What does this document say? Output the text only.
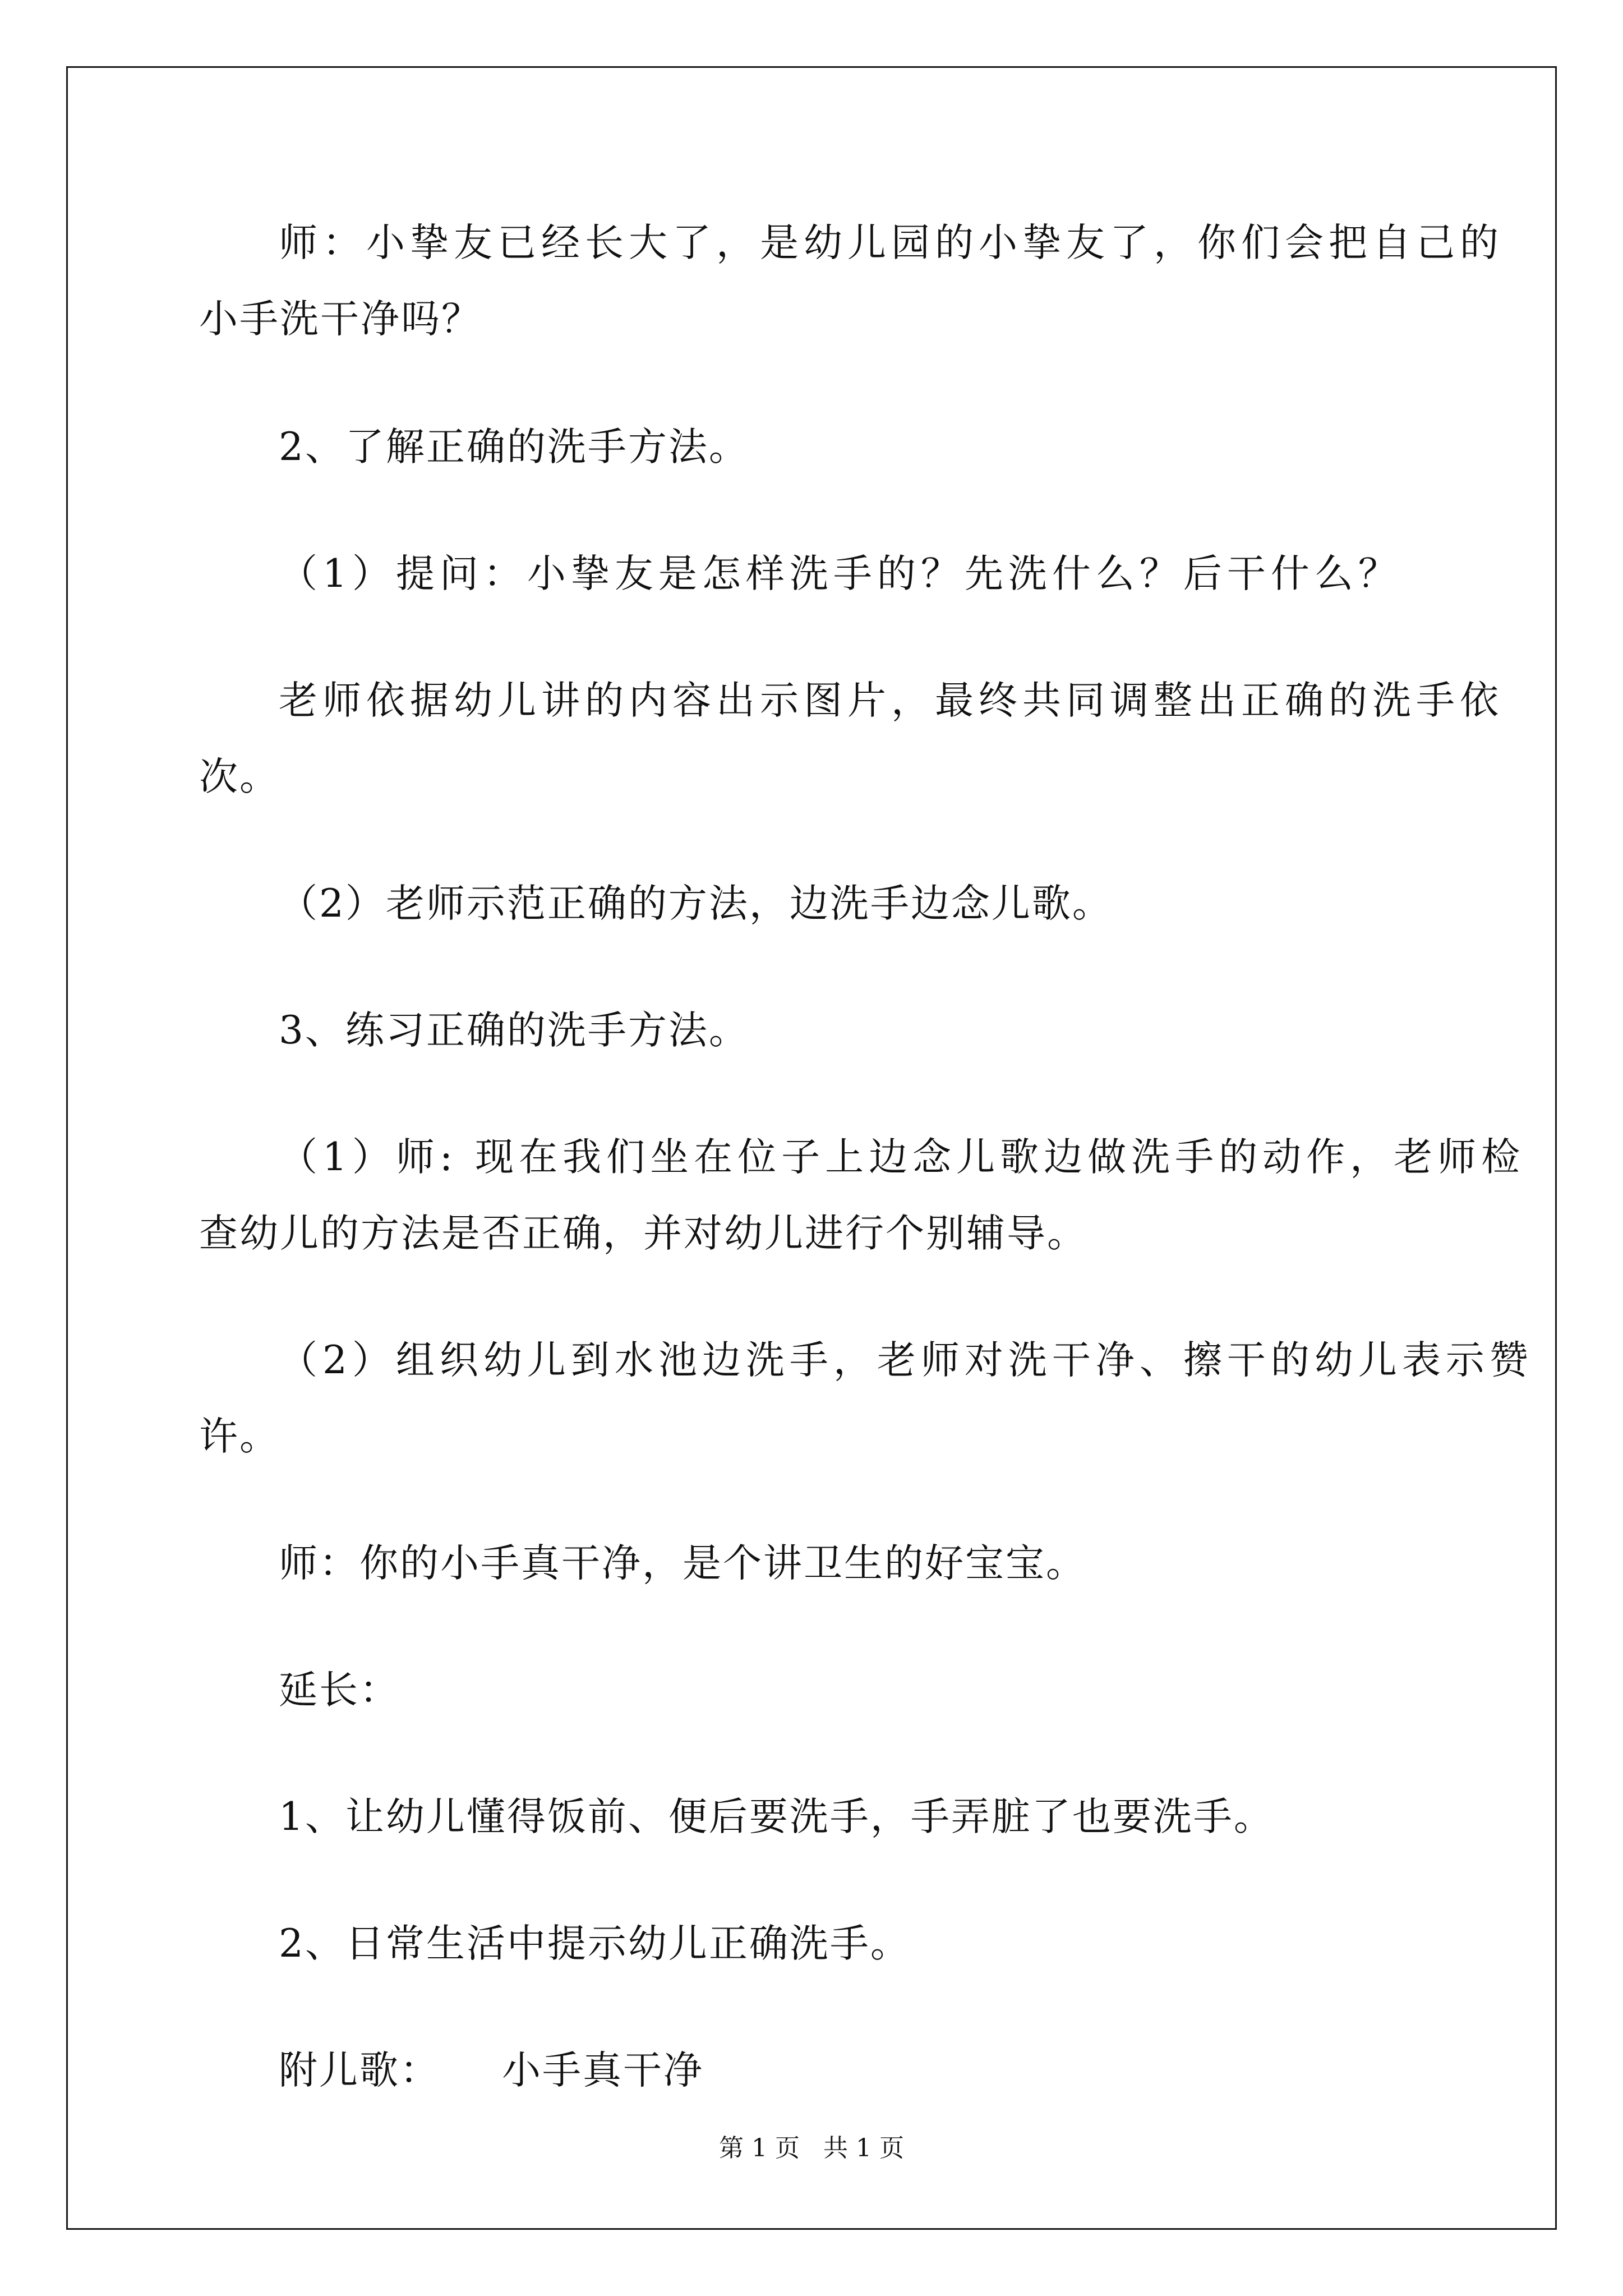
师：小挚友已经长大了，是幼儿园的小挚友了，你们会把自己的
小手洗干净吗？
2、了解正确的洗手方法。
（1）提问：小挚友是怎样洗手的？先洗什么？后干什么？
老师依据幼儿讲的内容出示图片，最终共同调整出正确的洗手依
次。
（2）老师示范正确的方法，边洗手边念儿歌。
3、练习正确的洗手方法。
（1）师: 现在我们坐在位子上边念儿歌边做洗手的动作，老师检
查幼儿的方法是否正确，并对幼儿进行个别辅导。
（2）组织幼儿到水池边洗手，老师对洗干净、擦干的幼儿表示赞
许。
师：你的小手真干净，是个讲卫生的好宝宝。
延长：
1、让幼儿懂得饭前、便后要洗手，手弄脏了也要洗手。
2、日常生活中提示幼儿正确洗手。
附儿歌： 小手真干净
第 1 页   共 1 页
